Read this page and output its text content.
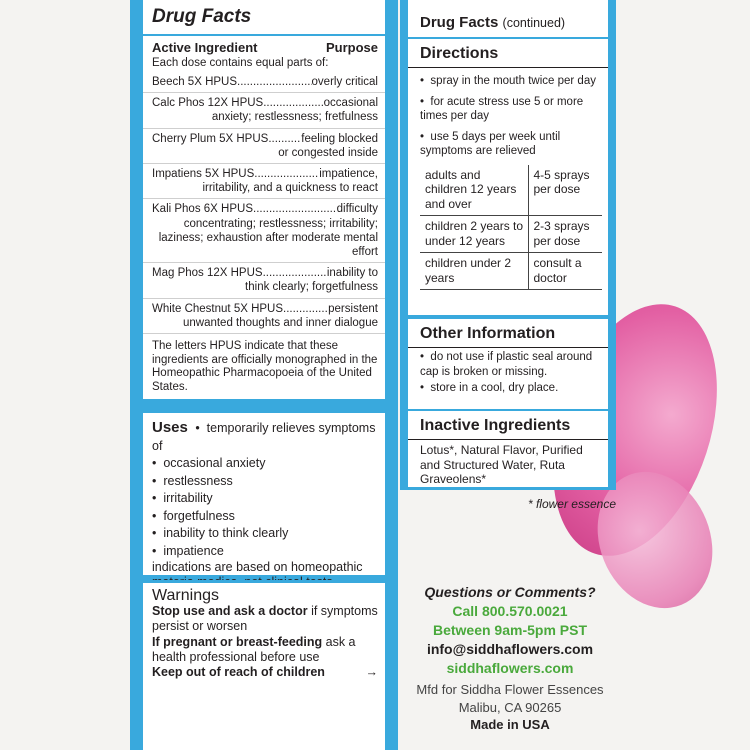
Drug Facts
Active Ingredient	Purpose
Each dose contains equal parts of:
Beech 5X HPUS .....	overly critical
Calc Phos 12X HPUS .....	occasional
anxiety; restlessness; fretfulness
Cherry Plum 5X HPUS .....	feeling blocked
or congested inside
Impatiens 5X HPUS .....	impatience,
irritability, and a quickness to react
Kali Phos 6X HPUS .....	difficulty
concentrating; restlessness; irritability; laziness; exhaustion after moderate mental effort
Mag Phos 12X HPUS .....	inability to
think clearly; forgetfulness
White Chestnut 5X HPUS .....	persistent
unwanted thoughts and inner dialogue
The letters HPUS indicate that these ingredients are officially monographed in the Homeopathic Pharmacopoeia of the United States.
Uses •  temporarily relieves symptoms of
•  occasional anxiety
•  restlessness
•  irritability
•  forgetfulness
•  inability to think clearly
•  impatience
indications are based on homeopathic
Warnings
Stop use and ask a doctor if symptoms persist or worsen
If pregnant or breast-feeding ask a health professional before use
Keep out of reach of children	→
Drug Facts (continued)
Directions
•  spray in the mouth twice per day
•  for acute stress use 5 or more times per day
•  use 5 days per week until symptoms are relieved
adults and children 12 years and over	4-5 sprays per dose
children 2 years to under 12 years	2-3 sprays per dose
children under 2 years	consult a doctor
Other Information
•  do not use if plastic seal around cap is broken or missing.
•  store in a cool, dry place.
Inactive Ingredients
Lotus*, Natural Flavor, Purified and Structured Water, Ruta Graveolens*
* flower essence
Questions or Comments?
Call 800.570.0021
Between 9am-5pm PST
info@siddhaflowers.com
siddhaflowers.com
Mfd for Siddha Flower Essences
Malibu, CA 90265
Made in USA
